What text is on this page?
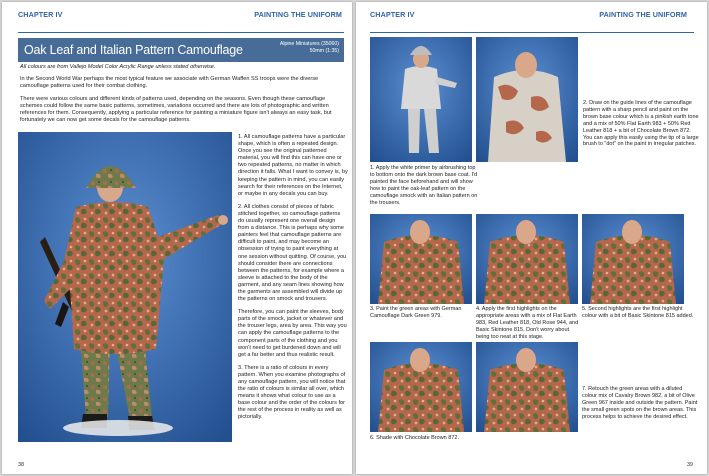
CHAPTER IV	PAINTING THE UNIFORM
Oak Leaf and Italian Pattern Camouflage	Alpine Miniatures (35060)
50mm (1:35)
All colours are from Vallejo Model Color Acrylic Range unless stated otherwise.

In the Second World War perhaps the most typical feature we associate with German Waffen SS troops were the diverse camouflage patterns used for their combat clothing.

There were various colours and different kinds of patterns used, depending on the seasons. Even though these camouflage schemes could follow the same basic patterns, sometimes, variations occurred and there are lots of photographic and written references for them. Consequently, applying a particular reference for painting a miniature figure isn't always an easy task, but fortunately we can now get some decals for the camouflage patterns.

1. All camouflage patterns have a particular shape, which is often a repeated design. Once you see the original patterned material, you will find this can have one or two repeated patterns, no matter in which direction it falls. What I want to convey is, by keeping the pattern in mind, you can easily search for their references on the Internet, or maybe in any decals you can buy.

2. All clothes consist of pieces of fabric stitched together, so camouflage patterns do usually represent one overall design from a distance. This is perhaps why some painters feel that camouflage patterns are difficult to paint, and may become an obsession of trying to paint everything at one session without quitting. Of course, you should consider there are connections between the patterns, for example where a sleeve is attached to the body of the garment, and any seam lines showing how the garments are assembled will divide up the patterns on smock and trousers.

Therefore, you can paint the sleeves, body parts of the smock, jacket or whatever and the trouser legs, area by area. This way you can apply the camouflage patterns to the component parts of the clothing and you won't need to get burdened down and will get a far better and thus realistic result.

3. There is a ratio of colours in every pattern. When you examine photographs of any camouflage pattern, you will notice that the ratio of colours is similar all over, which means it shows what colour to use as a base colour and the order of the colours for the rest of the process in reality as well as pictorially.

38
CHAPTER IV	PAINTING THE UNIFORM
2. Draw on the guide lines of the camouflage pattern with a sharp pencil and paint on the brown base colour which is a pinkish earth tone and a mix of 50% Flat Earth 983 + 50% Red Leather 818 + a bit of Chocolate Brown 872. You can apply this easily using the tip of a large brush to "dot" on the paint in irregular patches.
1. Apply the white primer by airbrushing top to bottom onto the dark brown base coat. I'd painted the face beforehand and will show how to paint the oak-leaf pattern on the camouflage smock with an Italian pattern on the trousers.
3. Paint the green areas with German Camouflage Dark Green 979.
4. Apply the first highlights on the appropriate areas with a mix of Flat Earth 983, Red Leather 818, Old Rose 944, and Basic Skintone 815. Don't worry about being too neat at this stage.
5. Second highlights are the first highlight colour with a bit of Basic Skintone 815 added.
6. Shade with Chocolate Brown 872.
7. Retouch the green areas with a diluted colour mix of Cavalry Brown 982, a bit of Olive Green 967 inside and outside the pattern. Paint the small green spots on the brown areas. This process helps to achieve the desired effect.
39
